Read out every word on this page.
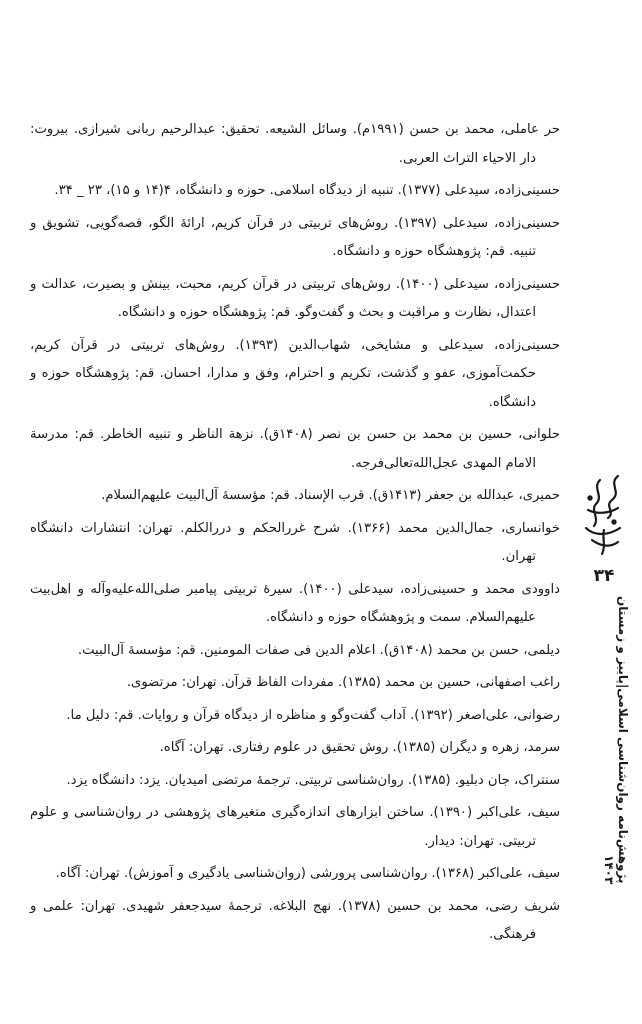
حر عاملی، محمد بن حسن (۱۹۹۱م). وسائل الشیعه. تحقیق: عبدالرحیم ربانی شیرازی. بیروت: دار الاحیاء التراث العربی.

حسینی‌زاده، سیدعلی (۱۳۷۷). تنبیه از دیدگاه اسلامی. حوزه و دانشگاه، ۴(۱۴ و ۱۵)، ۲۳ _ ۳۴.

حسینی‌زاده، سیدعلی (۱۳۹۷). روش‌های تربیتی در قرآن کریم، ارائهٔ الگو، قصه‌گویی، تشویق و تنبیه. قم: پژوهشگاه حوزه و دانشگاه.

حسینی‌زاده، سیدعلی (۱۴۰۰). روش‌های تربیتی در قرآن کریم، محبت، بینش و بصیرت، عدالت و اعتدال، نظارت و مراقبت و بحث و گفت‌وگو. قم: پژوهشگاه حوزه و دانشگاه.

حسینی‌زاده، سیدعلی و مشایخی، شهاب‌الدین (۱۳۹۳). روش‌های تربیتی در قرآن کریم، حکمت‌آموزی، عفو و گذشت، تکریم و احترام، وفق و مدارا، احسان. قم: پژوهشگاه حوزه و دانشگاه.

حلوانی، حسین بن محمد بن حسن بن نصر (۱۴۰۸ق). نزهة الناظر و تنبیه الخاطر. قم: مدرسة الامام المهدی عجل‌الله‌تعالی‌فرجه.

حمیری، عبدالله بن جعفر (۱۴۱۳ق). قرب الإسناد. قم: مؤسسهٔ آل‌البیت علیهم‌السلام.

خوانساری، جمال‌الدین محمد (۱۳۶۶). شرح غررالحکم و دررالکلم. تهران: انتشارات دانشگاه تهران.

داوودی محمد و حسینی‌زاده، سیدعلی (۱۴۰۰). سیرهٔ تربیتی پیامبر صلی‌الله‌علیه‌وآله و اهل‌بیت علیهم‌السلام. سمت و پژوهشگاه حوزه و دانشگاه.

دیلمی، حسن بن محمد (۱۴۰۸ق). اعلام الدین فی صفات المومنین. قم: مؤسسهٔ آل‌البیت.

راغب اصفهانی، حسین بن محمد (۱۳۸۵). مفردات الفاظ قرآن. تهران: مرتضوی.

رضوانی، علی‌اصغر (۱۳۹۲). آداب گفت‌وگو و مناظره از دیدگاه قرآن و روایات. قم: دلیل ما.

سرمد، زهره و دیگران (۱۳۸۵). روش تحقیق در علوم رفتاری. تهران: آگاه.

سنتراک، جان دبلیو. (۱۳۸۵). روان‌شناسی تربیتی. ترجمهٔ مرتضی امیدیان. یزد: دانشگاه یزد.

سیف، علی‌اکبر (۱۳۹۰). ساختن ابزارهای اندازه‌گیری متغیرهای پژوهشی در روان‌شناسی و علوم تربیتی. تهران: دیدار.

سیف، علی‌اکبر (۱۳۶۸). روان‌شناسی پرورشی (روان‌شناسی یادگیری و آموزش). تهران: آگاه.

شریف رضی، محمد بن حسین (۱۳۷۸). نهج البلاغه. ترجمهٔ سیدجعفر شهیدی. تهران: علمی و فرهنگی.

۳۴
پژوهش‌نامه روان‌شناسی اسلامی|پاییز و زمستان ۱۴۰۳
